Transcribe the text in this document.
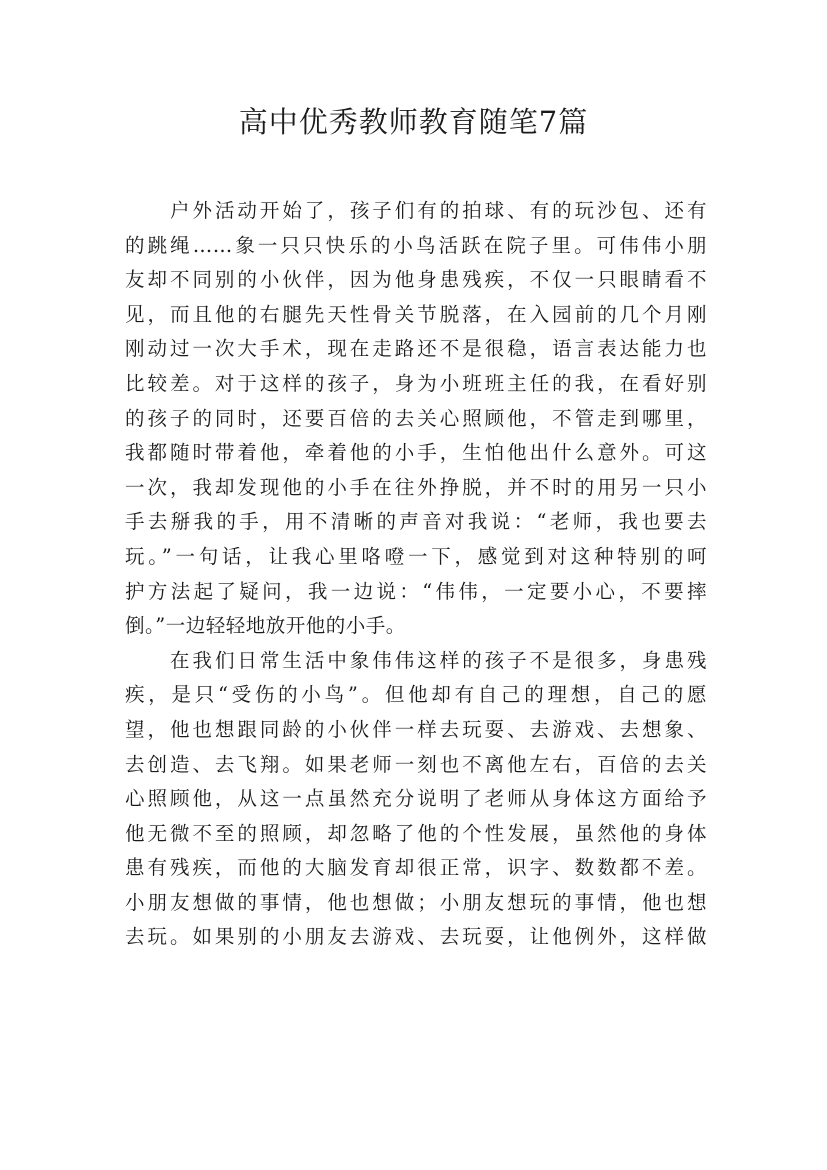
高中优秀教师教育随笔7篇
户外活动开始了，孩子们有的拍球、有的玩沙包、还有
的跳绳……象一只只快乐的小鸟活跃在院子里。可伟伟小朋
友却不同别的小伙伴，因为他身患残疾，不仅一只眼睛看不
见，而且他的右腿先天性骨关节脱落，在入园前的几个月刚
刚动过一次大手术，现在走路还不是很稳，语言表达能力也
比较差。对于这样的孩子，身为小班班主任的我，在看好别
的孩子的同时，还要百倍的去关心照顾他，不管走到哪里，
我都随时带着他，牵着他的小手，生怕他出什么意外。可这
一次，我却发现他的小手在往外挣脱，并不时的用另一只小
手去掰我的手，用不清晰的声音对我说：“老师，我也要去
玩。”一句话，让我心里咯噔一下，感觉到对这种特别的呵
护方法起了疑问，我一边说：“伟伟，一定要小心，不要摔
倒。”一边轻轻地放开他的小手。
在我们日常生活中象伟伟这样的孩子不是很多，身患残
疾，是只“受伤的小鸟”。但他却有自己的理想，自己的愿
望，他也想跟同龄的小伙伴一样去玩耍、去游戏、去想象、
去创造、去飞翔。如果老师一刻也不离他左右，百倍的去关
心照顾他，从这一点虽然充分说明了老师从身体这方面给予
他无微不至的照顾，却忽略了他的个性发展，虽然他的身体
患有残疾，而他的大脑发育却很正常，识字、数数都不差。
小朋友想做的事情，他也想做；小朋友想玩的事情，他也想
去玩。如果别的小朋友去游戏、去玩耍，让他例外，这样做
